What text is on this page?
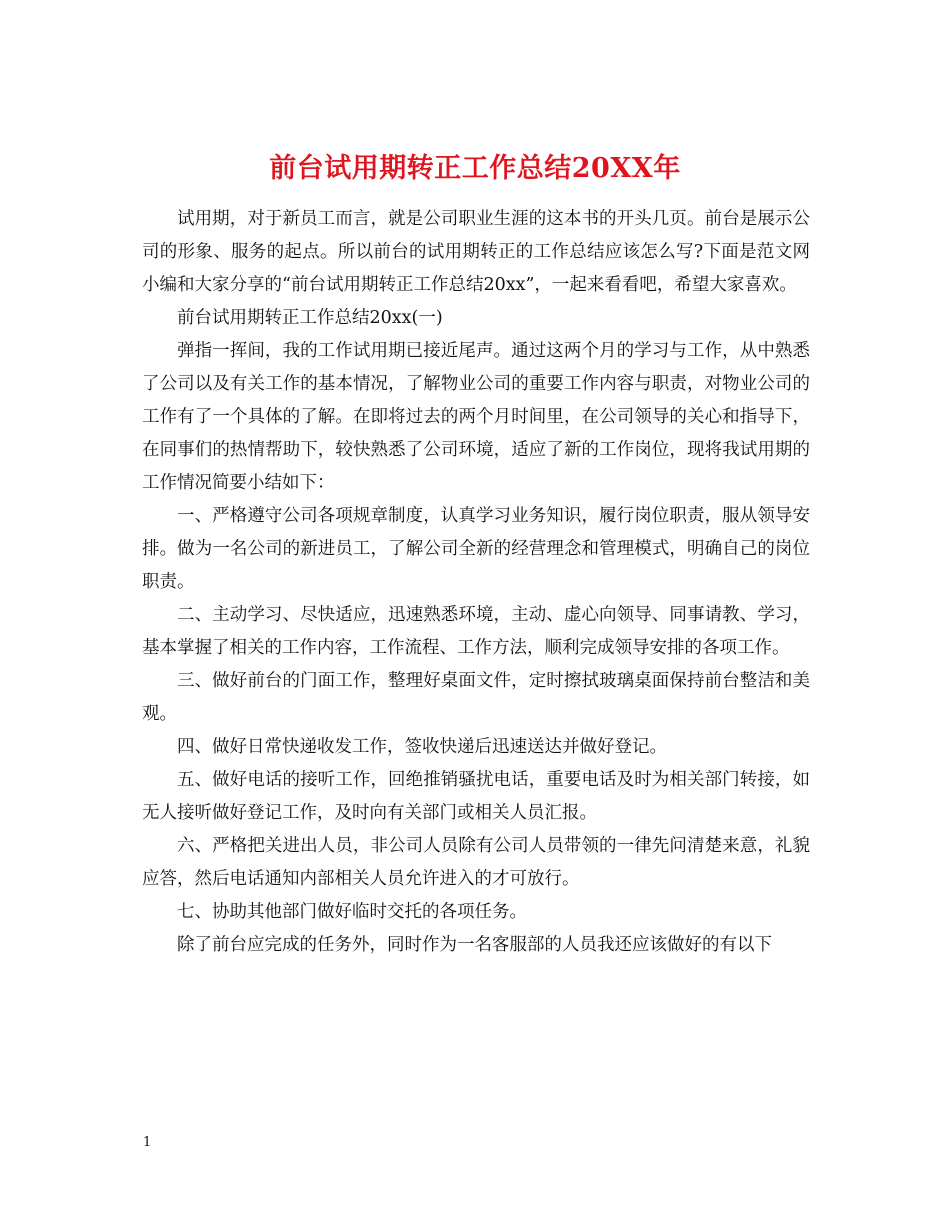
前台试用期转正工作总结20XX年

试用期，对于新员工而言，就是公司职业生涯的这本书的开头几页。前台是展示公司的形象、服务的起点。所以前台的试用期转正的工作总结应该怎么写?下面是范文网小编和大家分享的“前台试用期转正工作总结20xx”，一起来看看吧，希望大家喜欢。

前台试用期转正工作总结20xx(一)

弹指一挥间，我的工作试用期已接近尾声。通过这两个月的学习与工作，从中熟悉了公司以及有关工作的基本情况，了解物业公司的重要工作内容与职责，对物业公司的工作有了一个具体的了解。在即将过去的两个月时间里，在公司领导的关心和指导下，在同事们的热情帮助下，较快熟悉了公司环境，适应了新的工作岗位，现将我试用期的工作情况简要小结如下：

一、严格遵守公司各项规章制度，认真学习业务知识，履行岗位职责，服从领导安排。做为一名公司的新进员工，了解公司全新的经营理念和管理模式，明确自己的岗位职责。

二、主动学习、尽快适应，迅速熟悉环境，主动、虚心向领导、同事请教、学习，基本掌握了相关的工作内容，工作流程、工作方法，顺利完成领导安排的各项工作。

三、做好前台的门面工作，整理好桌面文件，定时擦拭玻璃桌面保持前台整洁和美观。

四、做好日常快递收发工作，签收快递后迅速送达并做好登记。

五、做好电话的接听工作，回绝推销骚扰电话，重要电话及时为相关部门转接，如无人接听做好登记工作，及时向有关部门或相关人员汇报。

六、严格把关进出人员，非公司人员除有公司人员带领的一律先问清楚来意，礼貌应答，然后电话通知内部相关人员允许进入的才可放行。

七、协助其他部门做好临时交托的各项任务。

除了前台应完成的任务外，同时作为一名客服部的人员我还应该做好的有以下

1
